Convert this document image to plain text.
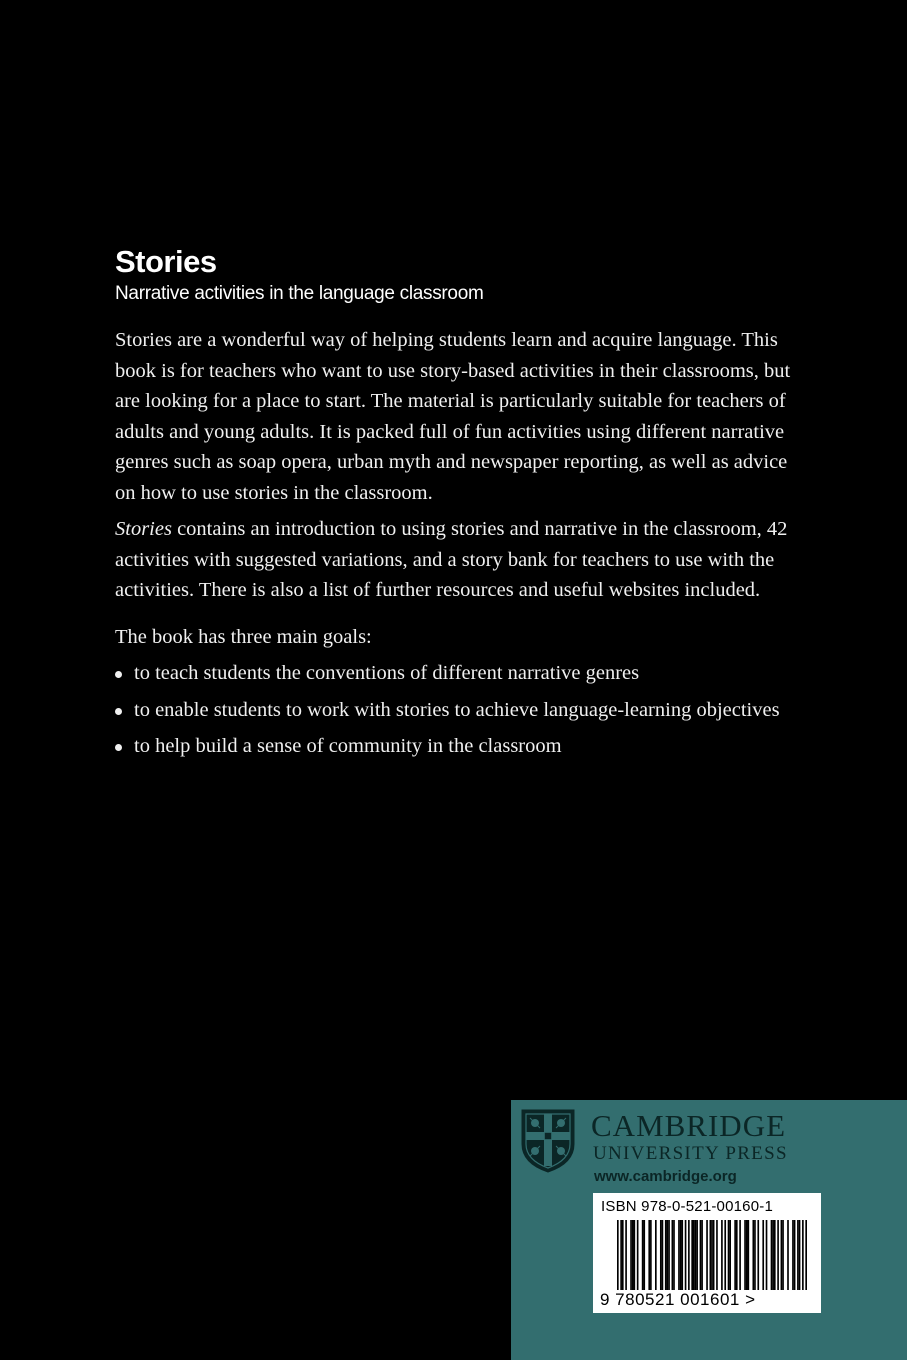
Stories

Narrative activities in the language classroom

Stories are a wonderful way of helping students learn and acquire language. This book is for teachers who want to use story-based activities in their classrooms, but are looking for a place to start. The material is particularly suitable for teachers of adults and young adults. It is packed full of fun activities using different narrative genres such as soap opera, urban myth and newspaper reporting, as well as advice on how to use stories in the classroom.

Stories contains an introduction to using stories and narrative in the classroom, 42 activities with suggested variations, and a story bank for teachers to use with the activities. There is also a list of further resources and useful websites included.

The book has three main goals:

to teach students the conventions of different narrative genres
to enable students to work with stories to achieve language-learning objectives
to help build a sense of community in the classroom
CAMBRIDGE
UNIVERSITY PRESS
www.cambridge.org
ISBN 978-0-521-00160-1
9 780521 001601 >
